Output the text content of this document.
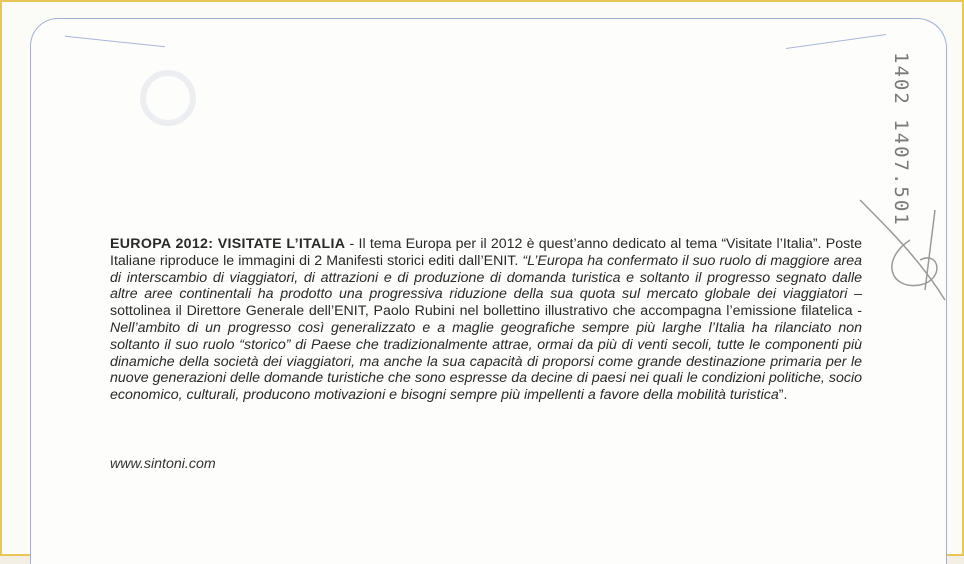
EUROPA 2012: VISITATE L’ITALIA - Il tema Europa per il 2012 è quest’anno dedicato al tema “Visitate l’Italia”. Poste Italiane riproduce le immagini di 2 Manifesti storici editi dall’ENIT. “L’Europa ha confermato il suo ruolo di maggiore area di interscambio di viaggiatori, di attrazioni e di produzione di domanda turistica e soltanto il progresso segnato dalle altre aree continentali ha prodotto una progressiva riduzione della sua quota sul mercato globale dei viaggiatori – sottolinea il Direttore Generale dell’ENIT, Paolo Rubini nel bollettino illustrativo che accompagna l’emissione filatelica - Nell’ambito di un progresso così generalizzato e a maglie geografiche sempre più larghe l’Italia ha rilanciato non soltanto il suo ruolo “storico” di Paese che tradizionalmente attrae, ormai da più di venti secoli, tutte le componenti più dinamiche della società dei viaggiatori, ma anche la sua capacità di proporsi come grande destinazione primaria per le nuove generazioni delle domande turistiche che sono espresse da decine di paesi nei quali le condizioni politiche, socio economico, culturali, producono motivazioni e bisogni sempre più impellenti a favore della mobilità turistica”.
www.sintoni.com
1402 1407.501
